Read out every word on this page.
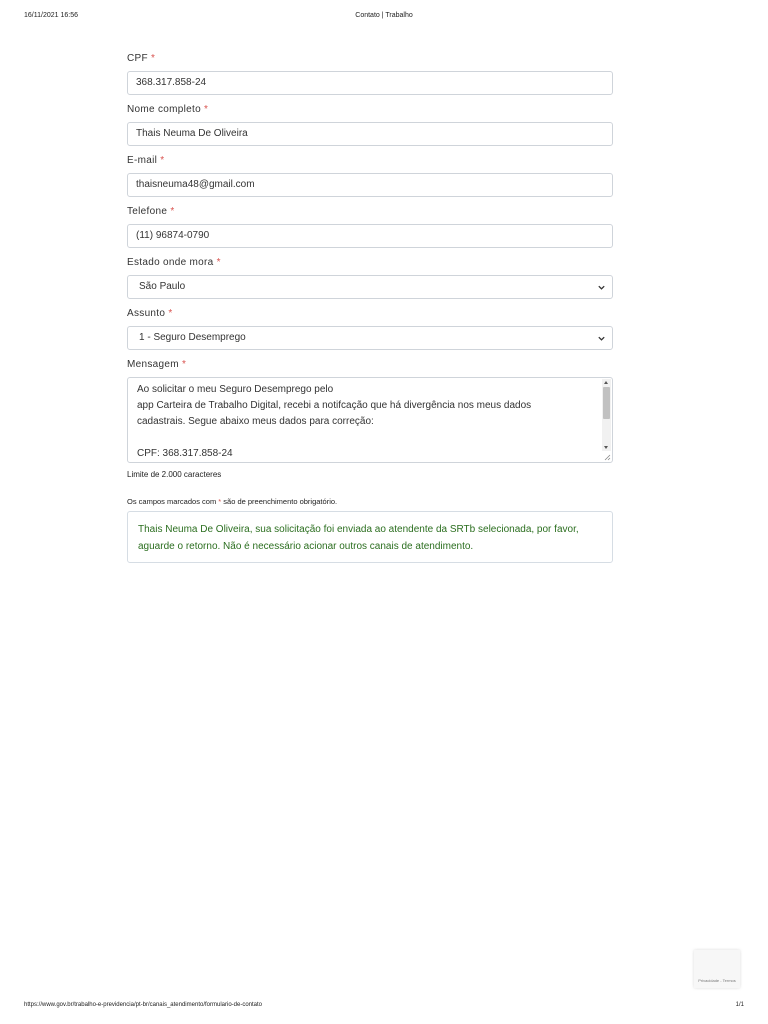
16/11/2021 16:56	Contato | Trabalho
CPF *
368.317.858-24
Nome completo *
Thais Neuma De Oliveira
E-mail *
thaisneuma48@gmail.com
Telefone *
(11) 96874-0790
Estado onde mora *
São Paulo
Assunto *
1 - Seguro Desemprego
Mensagem *
Ao solicitar o meu Seguro Desemprego pelo
app Carteira de Trabalho Digital, recebi a notifcação que há divergência nos meus dados
cadastrais. Segue abaixo meus dados para correção:

CPF: 368.317.858-24
Limite de 2.000 caracteres
Os campos marcados com * são de preenchimento obrigatório.
Thais Neuma De Oliveira, sua solicitação foi enviada ao atendente da SRTb selecionada, por favor, aguarde o retorno. Não é necessário acionar outros canais de atendimento.
Privacidade - Termos
https://www.gov.br/trabalho-e-previdencia/pt-br/canais_atendimento/formulario-de-contato	1/1
